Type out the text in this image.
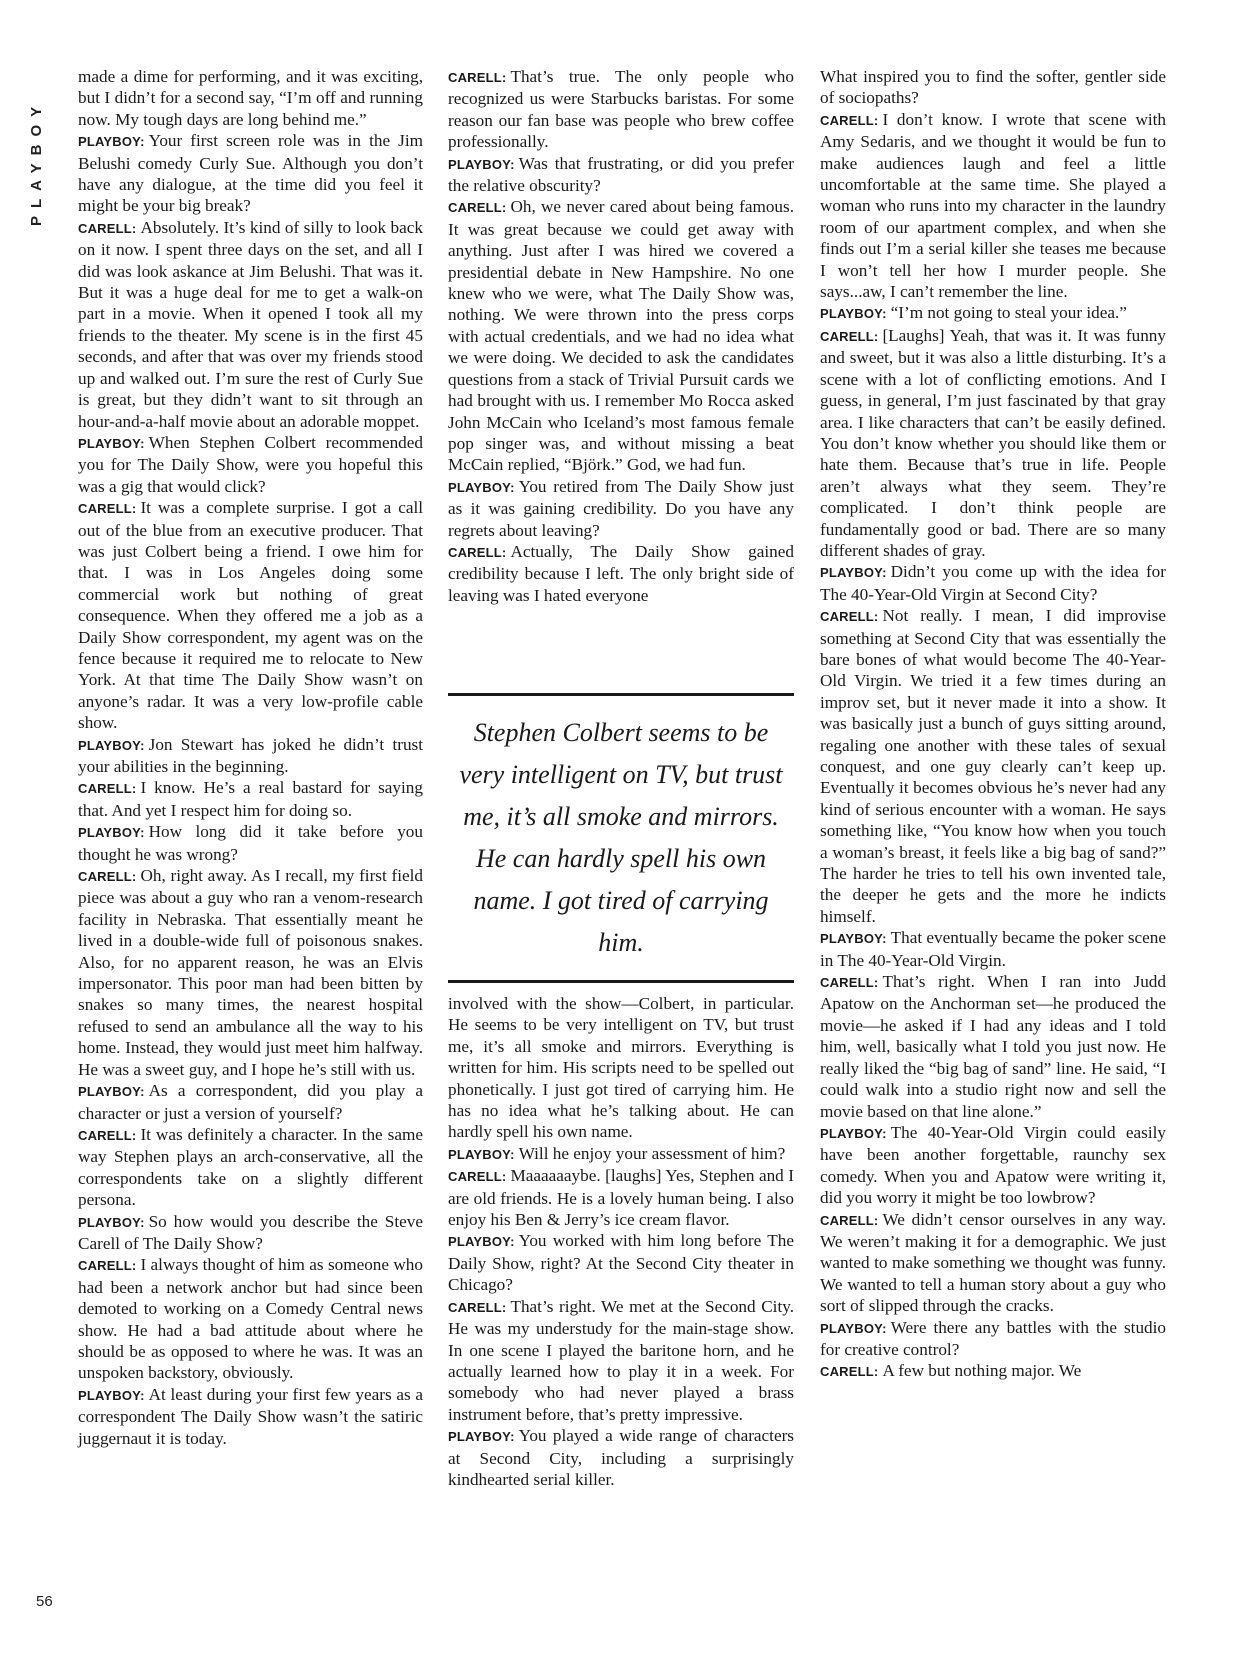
PLAYBOY

made a dime for performing, and it was exciting, but I didn’t for a second say, “I’m off and running now. My tough days are long behind me.”

PLAYBOY: Your first screen role was in the Jim Belushi comedy Curly Sue. Although you don’t have any dialogue, at the time did you feel it might be your big break?

CARELL: Absolutely. It’s kind of silly to look back on it now. I spent three days on the set, and all I did was look askance at Jim Belushi. That was it. But it was a huge deal for me to get a walk-on part in a movie. When it opened I took all my friends to the theater. My scene is in the first 45 seconds, and after that was over my friends stood up and walked out. I’m sure the rest of Curly Sue is great, but they didn’t want to sit through an hour-and-a-half movie about an adorable moppet.

PLAYBOY: When Stephen Colbert recommended you for The Daily Show, were you hopeful this was a gig that would click?

CARELL: It was a complete surprise. I got a call out of the blue from an executive producer. That was just Colbert being a friend. I owe him for that. I was in Los Angeles doing some commercial work but nothing of great consequence. When they offered me a job as a Daily Show correspondent, my agent was on the fence because it required me to relocate to New York. At that time The Daily Show wasn’t on anyone’s radar. It was a very low-profile cable show.

PLAYBOY: Jon Stewart has joked he didn’t trust your abilities in the beginning.

CARELL: I know. He’s a real bastard for saying that. And yet I respect him for doing so.

PLAYBOY: How long did it take before you thought he was wrong?

CARELL: Oh, right away. As I recall, my first field piece was about a guy who ran a venom-research facility in Nebraska. That essentially meant he lived in a double-wide full of poisonous snakes. Also, for no apparent reason, he was an Elvis impersonator. This poor man had been bitten by snakes so many times, the nearest hospital refused to send an ambulance all the way to his home. Instead, they would just meet him halfway. He was a sweet guy, and I hope he’s still with us.

PLAYBOY: As a correspondent, did you play a character or just a version of yourself?

CARELL: It was definitely a character. In the same way Stephen plays an arch-conservative, all the correspondents take on a slightly different persona.

PLAYBOY: So how would you describe the Steve Carell of The Daily Show?

CARELL: I always thought of him as someone who had been a network anchor but had since been demoted to working on a Comedy Central news show. He had a bad attitude about where he should be as opposed to where he was. It was an unspoken backstory, obviously.

PLAYBOY: At least during your first few years as a correspondent The Daily Show wasn’t the satiric juggernaut it is today.

CARELL: That’s true. The only people who recognized us were Starbucks baristas. For some reason our fan base was people who brew coffee professionally.

PLAYBOY: Was that frustrating, or did you prefer the relative obscurity?

CARELL: Oh, we never cared about being famous. It was great because we could get away with anything. Just after I was hired we covered a presidential debate in New Hampshire. No one knew who we were, what The Daily Show was, nothing. We were thrown into the press corps with actual credentials, and we had no idea what we were doing. We decided to ask the candidates questions from a stack of Trivial Pursuit cards we had brought with us. I remember Mo Rocca asked John McCain who Iceland’s most famous female pop singer was, and without missing a beat McCain replied, “Björk.” God, we had fun.

PLAYBOY: You retired from The Daily Show just as it was gaining credibility. Do you have any regrets about leaving?

CARELL: Actually, The Daily Show gained credibility because I left. The only bright side of leaving was I hated everyone

Stephen Colbert seems to be very intelligent on TV, but trust me, it’s all smoke and mirrors. He can hardly spell his own name. I got tired of carrying him.

involved with the show—Colbert, in particular. He seems to be very intelligent on TV, but trust me, it’s all smoke and mirrors. Everything is written for him. His scripts need to be spelled out phonetically. I just got tired of carrying him. He has no idea what he’s talking about. He can hardly spell his own name.

PLAYBOY: Will he enjoy your assessment of him?

CARELL: Maaaaaaybe. [laughs] Yes, Stephen and I are old friends. He is a lovely human being. I also enjoy his Ben & Jerry’s ice cream flavor.

PLAYBOY: You worked with him long before The Daily Show, right? At the Second City theater in Chicago?

CARELL: That’s right. We met at the Second City. He was my understudy for the main-stage show. In one scene I played the baritone horn, and he actually learned how to play it in a week. For somebody who had never played a brass instrument before, that’s pretty impressive.

PLAYBOY: You played a wide range of characters at Second City, including a surprisingly kindhearted serial killer.

What inspired you to find the softer, gentler side of sociopaths?

CARELL: I don’t know. I wrote that scene with Amy Sedaris, and we thought it would be fun to make audiences laugh and feel a little uncomfortable at the same time. She played a woman who runs into my character in the laundry room of our apartment complex, and when she finds out I’m a serial killer she teases me because I won’t tell her how I murder people. She says...aw, I can’t remember the line.

PLAYBOY: “I’m not going to steal your idea.”

CARELL: [Laughs] Yeah, that was it. It was funny and sweet, but it was also a little disturbing. It’s a scene with a lot of conflicting emotions. And I guess, in general, I’m just fascinated by that gray area. I like characters that can’t be easily defined. You don’t know whether you should like them or hate them. Because that’s true in life. People aren’t always what they seem. They’re complicated. I don’t think people are fundamentally good or bad. There are so many different shades of gray.

PLAYBOY: Didn’t you come up with the idea for The 40-Year-Old Virgin at Second City?

CARELL: Not really. I mean, I did improvise something at Second City that was essentially the bare bones of what would become The 40-Year-Old Virgin. We tried it a few times during an improv set, but it never made it into a show. It was basically just a bunch of guys sitting around, regaling one another with these tales of sexual conquest, and one guy clearly can’t keep up. Eventually it becomes obvious he’s never had any kind of serious encounter with a woman. He says something like, “You know how when you touch a woman’s breast, it feels like a big bag of sand?” The harder he tries to tell his own invented tale, the deeper he gets and the more he indicts himself.

PLAYBOY: That eventually became the poker scene in The 40-Year-Old Virgin.

CARELL: That’s right. When I ran into Judd Apatow on the Anchorman set—he produced the movie—he asked if I had any ideas and I told him, well, basically what I told you just now. He really liked the “big bag of sand” line. He said, “I could walk into a studio right now and sell the movie based on that line alone.”

PLAYBOY: The 40-Year-Old Virgin could easily have been another forgettable, raunchy sex comedy. When you and Apatow were writing it, did you worry it might be too lowbrow?

CARELL: We didn’t censor ourselves in any way. We weren’t making it for a demographic. We just wanted to make something we thought was funny. We wanted to tell a human story about a guy who sort of slipped through the cracks.

PLAYBOY: Were there any battles with the studio for creative control?

CARELL: A few but nothing major. We

56
